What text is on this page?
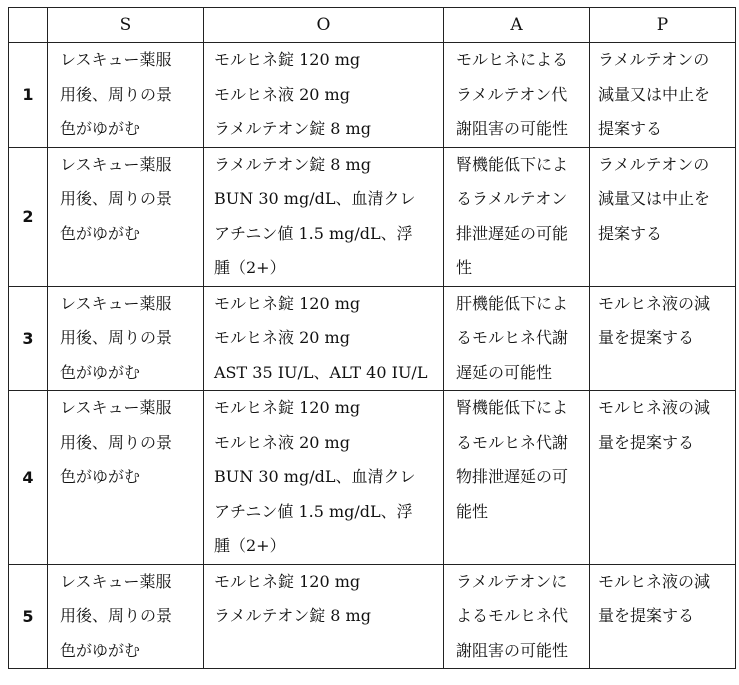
	S	O	A	P
1	レスキュー薬服
用後、周りの景
色がゆがむ	モルヒネ錠 120 mg
モルヒネ液 20 mg
ラメルテオン錠 8 mg	モルヒネによる
ラメルテオン代
謝阻害の可能性	ラメルテオンの
減量又は中止を
提案する

2	レスキュー薬服
用後、周りの景
色がゆがむ	ラメルテオン錠 8 mg
BUN 30 mg/dL、血清クレ
アチニン値 1.5 mg/dL、浮
腫（2+）	腎機能低下によ
るラメルテオン
排泄遅延の可能
性	ラメルテオンの
減量又は中止を
提案する

3	レスキュー薬服
用後、周りの景
色がゆがむ	モルヒネ錠 120 mg
モルヒネ液 20 mg
AST 35 IU/L、ALT 40 IU/L	肝機能低下によ
るモルヒネ代謝
遅延の可能性	モルヒネ液の減
量を提案する

4	レスキュー薬服
用後、周りの景
色がゆがむ	モルヒネ錠 120 mg
モルヒネ液 20 mg
BUN 30 mg/dL、血清クレ
アチニン値 1.5 mg/dL、浮
腫（2+）	腎機能低下によ
るモルヒネ代謝
物排泄遅延の可
能性	モルヒネ液の減
量を提案する

5	レスキュー薬服
用後、周りの景
色がゆがむ	モルヒネ錠 120 mg
ラメルテオン錠 8 mg	ラメルテオンに
よるモルヒネ代
謝阻害の可能性	モルヒネ液の減
量を提案する
